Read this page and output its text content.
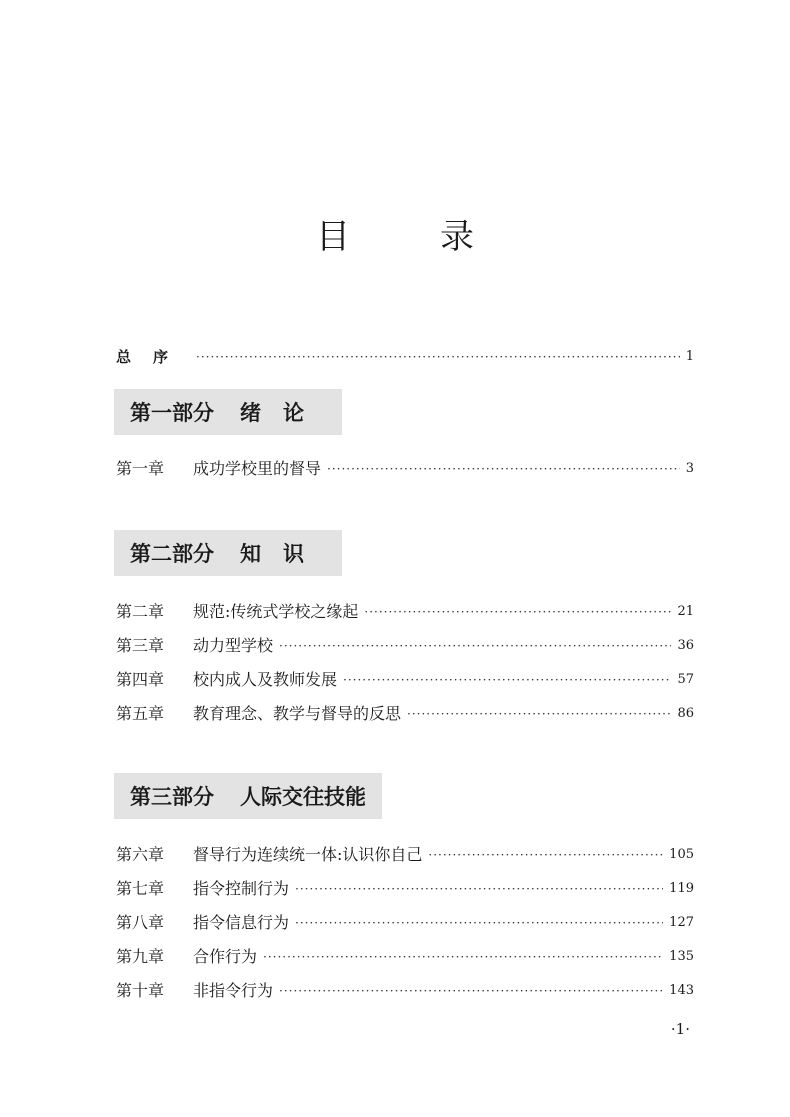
目　录
总序 ·····	1
第一部分 绪论
第一章	成功学校里的督导 ·····	3
第二部分 知识
第二章	规范:传统式学校之缘起 ·····	21
第三章	动力型学校 ·····	36
第四章	校内成人及教师发展 ·····	57
第五章	教育理念、教学与督导的反思 ·····	86
第三部分 人际交往技能
第六章	督导行为连续统一体:认识你自己 ·····	105
第七章	指令控制行为 ·····	119
第八章	指令信息行为 ·····	127
第九章	合作行为 ·····	135
第十章	非指令行为 ·····	143
·1·
